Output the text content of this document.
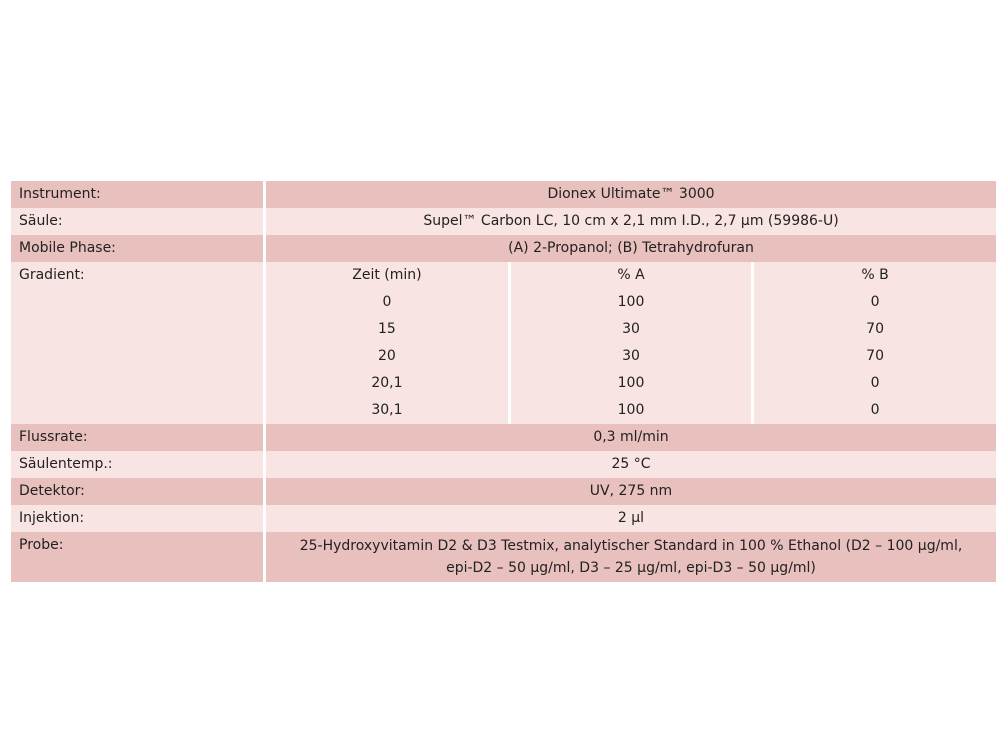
Instrument:	Dionex Ultimate™ 3000
Säule:	Supel™ Carbon LC, 10 cm x 2,1 mm I.D., 2,7 µm (59986-U)
Mobile Phase:	(A) 2-Propanol; (B) Tetrahydrofuran
Gradient:		Zeit (min)	% A	% B
0	100	0
15	30	70
20	30	70
20,1	100	0
30,1	100	0

Flussrate:	0,3 ml/min
Säulentemp.:	25 °C
Detektor:	UV, 275 nm
Injektion:	2 µl
Probe:	25-Hydroxyvitamin D2 & D3 Testmix, analytischer Standard in 100 % Ethanol (D2 – 100 µg/ml,
epi-D2 – 50 µg/ml, D3 – 25 µg/ml, epi-D3 – 50 µg/ml)
